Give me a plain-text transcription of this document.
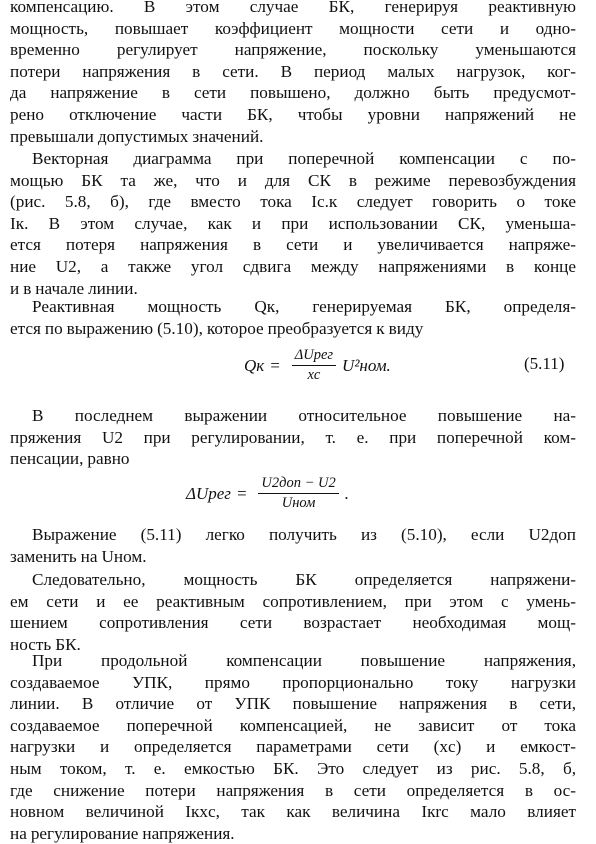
компенсацию. В этом случае БК, генерируя реактивную
мощность, повышает коэффициент мощности сети и одно-
временно регулирует напряжение, поскольку уменьшаются
потери напряжения в сети. В период малых нагрузок, ког-
да напряжение в сети повышено, должно быть предусмот-
рено отключение части БК, чтобы уровни напряжений не
превышали допустимых значений.

Векторная диаграмма при поперечной компенсации с по-
мощью БК та же, что и для СК в режиме перевозбуждения
(рис. 5.8, б), где вместо тока Iс.к следует говорить о токе
Iк. В этом случае, как и при использовании СК, уменьша-
ется потеря напряжения в сети и увеличивается напряже-
ние U2, а также угол сдвига между напряжениями в конце
и в начале линии.

Реактивная мощность Qк, генерируемая БК, определя-
ется по выражению (5.10), которое преобразуется к виду

Qк = $\frac{\text{ΔUрег}}{xс} U^2ном$.	(5.11)

В последнем выражении относительное повышение на-
пряжения U2 при регулировании, т. е. при поперечной ком-
пенсации, равно

ΔUрег = $\frac{\text{U2доп − U2}}{\text{Uном}}$ .

Выражение (5.11) легко получить из (5.10), если U2доп
заменить на Uном.

Следовательно, мощность БК определяется напряжени-
ем сети и ее реактивным сопротивлением, при этом с умень-
шением сопротивления сети возрастает необходимая мощ-
ность БК.

При продольной компенсации повышение напряжения,
создаваемое УПК, прямо пропорционально току нагрузки
линии. В отличие от УПК повышение напряжения в сети,
создаваемое поперечной компенсацией, не зависит от тока
нагрузки и определяется параметрами сети (xс) и емкост-
ным током, т. е. емкостью БК. Это следует из рис. 5.8, б,
где снижение потери напряжения в сети определяется в ос-
новном величиной Iкxс, так как величина Iкrс мало влияет
на регулирование напряжения.
